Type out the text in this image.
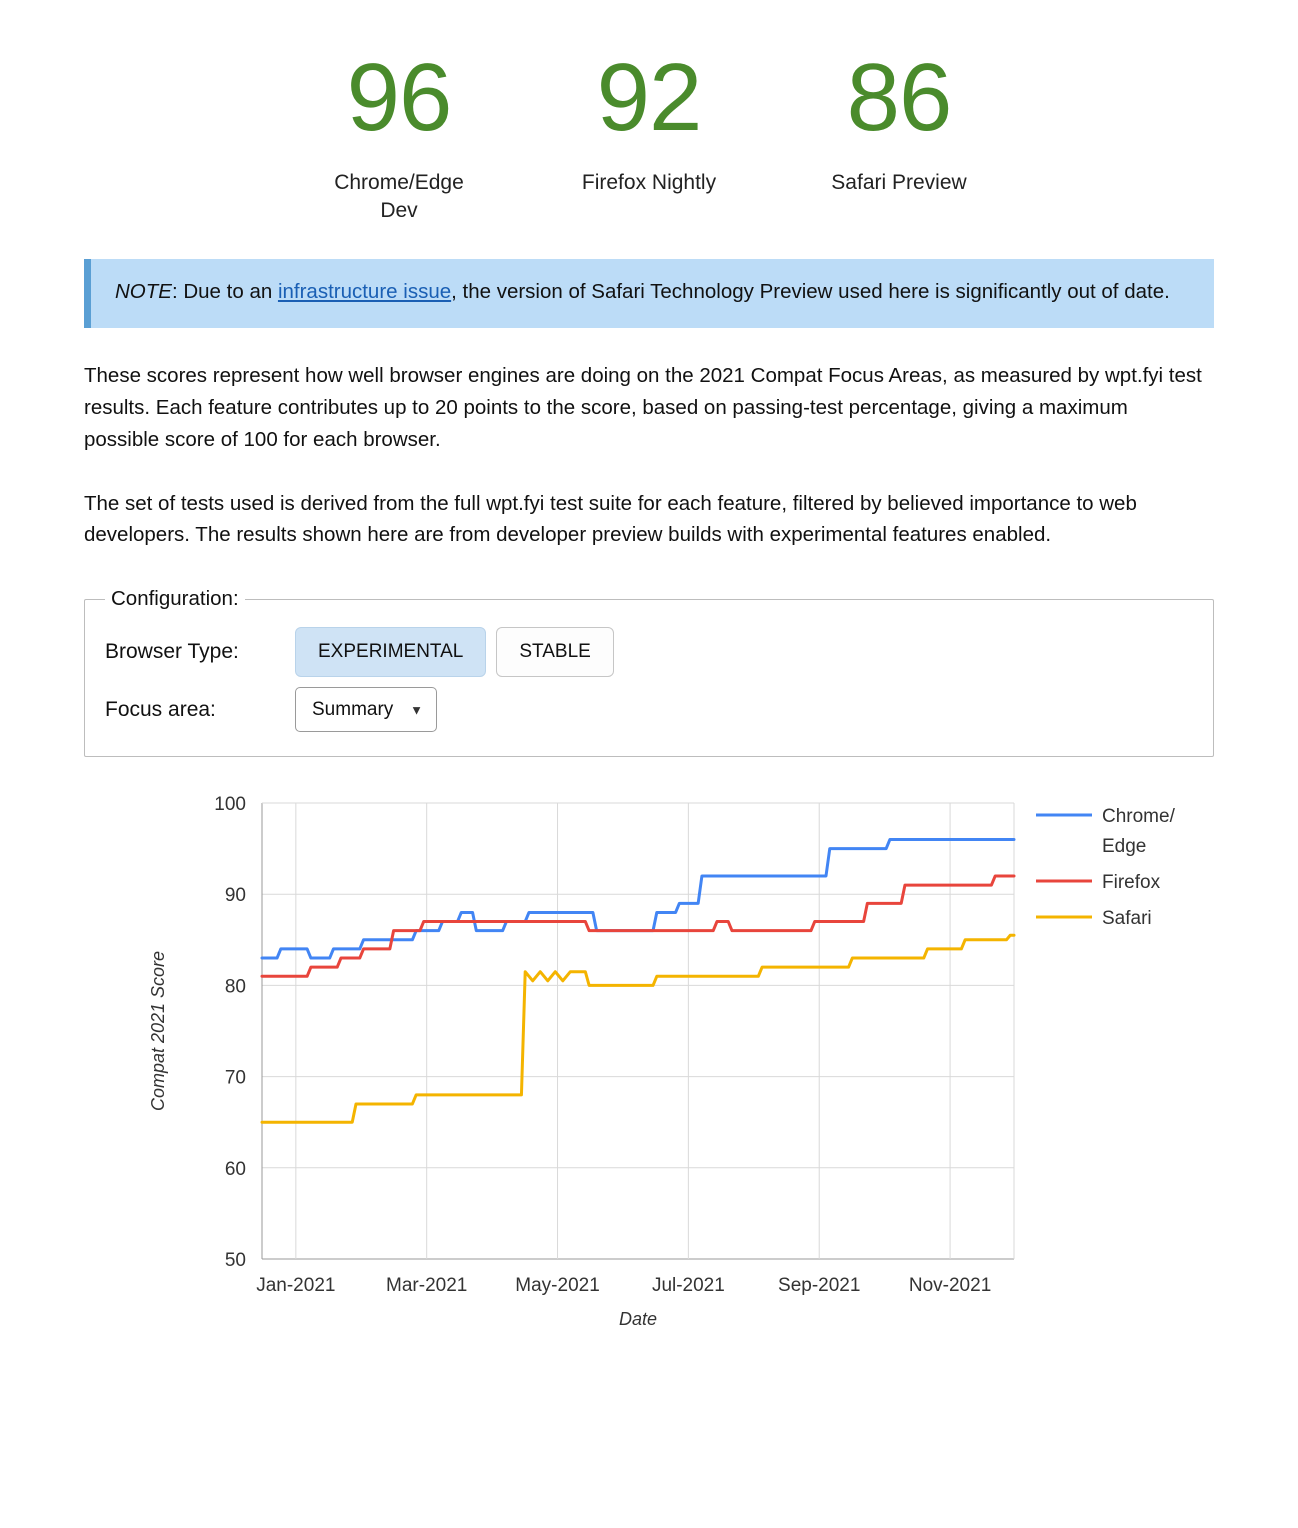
96
Chrome/Edge Dev
92
Firefox Nightly
86
Safari Preview
NOTE: Due to an infrastructure issue, the version of Safari Technology Preview used here is significantly out of date.

These scores represent how well browser engines are doing on the 2021 Compat Focus Areas, as measured by wpt.fyi test results. Each feature contributes up to 20 points to the score, based on passing-test percentage, giving a maximum possible score of 100 for each browser.

The set of tests used is derived from the full wpt.fyi test suite for each feature, filtered by believed importance to web developers. The results shown here are from developer preview builds with experimental features enabled.

Configuration:
Browser Type:	EXPERIMENTAL	STABLE
Focus area:
Summary	▼
50
60
70
80
90
100
Jan-2021	Mar-2021	May-2021	Jul-2021	Sep-2021	Nov-2021
Compat 2021 Score
Date
Chrome/
Edge
Firefox
Safari
